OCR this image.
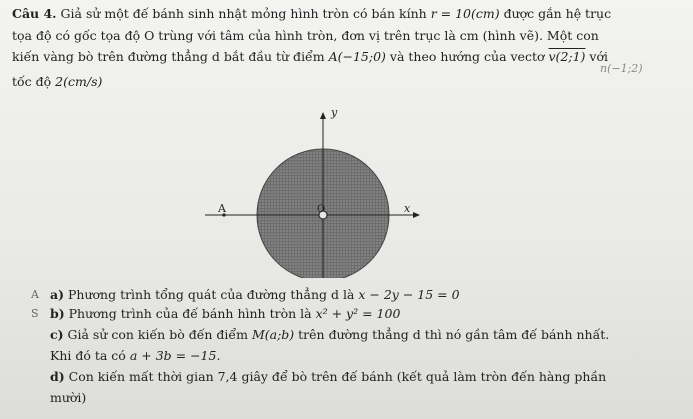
Câu 4. Giả sử một đế bánh sinh nhật mỏng hình tròn có bán kính r = 10(cm) được gắn hệ trục
tọa độ có gốc tọa độ O trùng với tâm của hình tròn, đơn vị trên trục là cm (hình vẽ). Một con
kiến vàng bò trên đường thẳng d bắt đầu từ điểm A(−15;0) và theo hướng của vectơ v(2;1) với
tốc độ 2(cm/s)
n(−1;2)
y
x
A	O
A a) Phương trình tổng quát của đường thẳng d là x − 2y − 15 = 0
S b) Phương trình của đế bánh hình tròn là x² + y² = 100
c) Giả sử con kiến bò đến điểm M(a;b) trên đường thẳng d thì nó gần tâm đế bánh nhất.
Khi đó ta có a + 3b = −15.
d) Con kiến mất thời gian 7,4 giây để bò trên đế bánh (kết quả làm tròn đến hàng phần
mười)
